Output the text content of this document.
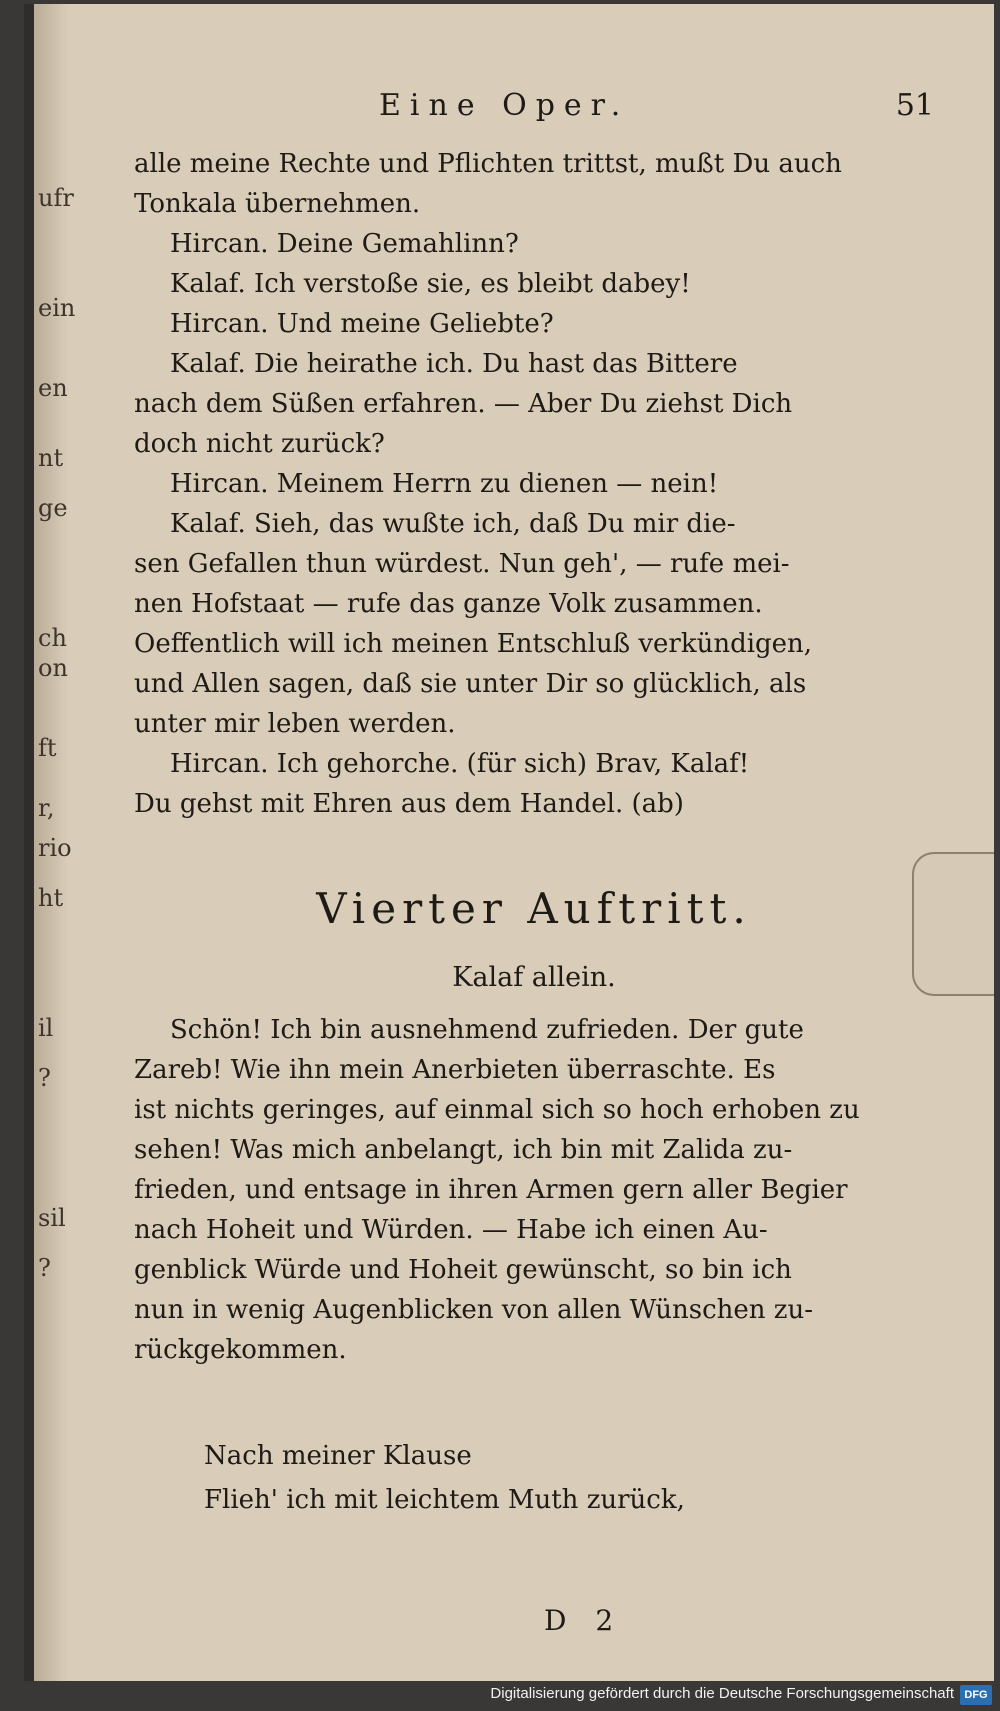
ufr
ein
en
nt
ge
ch
on
ft
r,
rio
ht
il
?
sil
?
Eine Oper.	51

alle meine Rechte und Pflichten trittst, mußt Du auch

Tonkala übernehmen.

Hircan. Deine Gemahlinn?

Kalaf. Ich verstoße sie, es bleibt dabey!

Hircan. Und meine Geliebte?

Kalaf. Die heirathe ich. Du hast das Bittere

nach dem Süßen erfahren. — Aber Du ziehst Dich

doch nicht zurück?

Hircan. Meinem Herrn zu dienen — nein!

Kalaf. Sieh, das wußte ich, daß Du mir die-

sen Gefallen thun würdest. Nun geh', — rufe mei-

nen Hofstaat — rufe das ganze Volk zusammen.

Oeffentlich will ich meinen Entschluß verkündigen,

und Allen sagen, daß sie unter Dir so glücklich, als

unter mir leben werden.

Hircan. Ich gehorche. (für sich) Brav, Kalaf!

Du gehst mit Ehren aus dem Handel. (ab)

Vierter Auftritt.
Kalaf allein.

Schön! Ich bin ausnehmend zufrieden. Der gute

Zareb! Wie ihn mein Anerbieten überraschte. Es

ist nichts geringes, auf einmal sich so hoch erhoben zu

sehen! Was mich anbelangt, ich bin mit Zalida zu-

frieden, und entsage in ihren Armen gern aller Begier

nach Hoheit und Würden. — Habe ich einen Au-

genblick Würde und Hoheit gewünscht, so bin ich

nun in wenig Augenblicken von allen Wünschen zu-

rückgekommen.

Nach meiner Klause

Flieh' ich mit leichtem Muth zurück,

D 2
Digitalisierung gefördert durch die Deutsche Forschungsgemeinschaft DFG
